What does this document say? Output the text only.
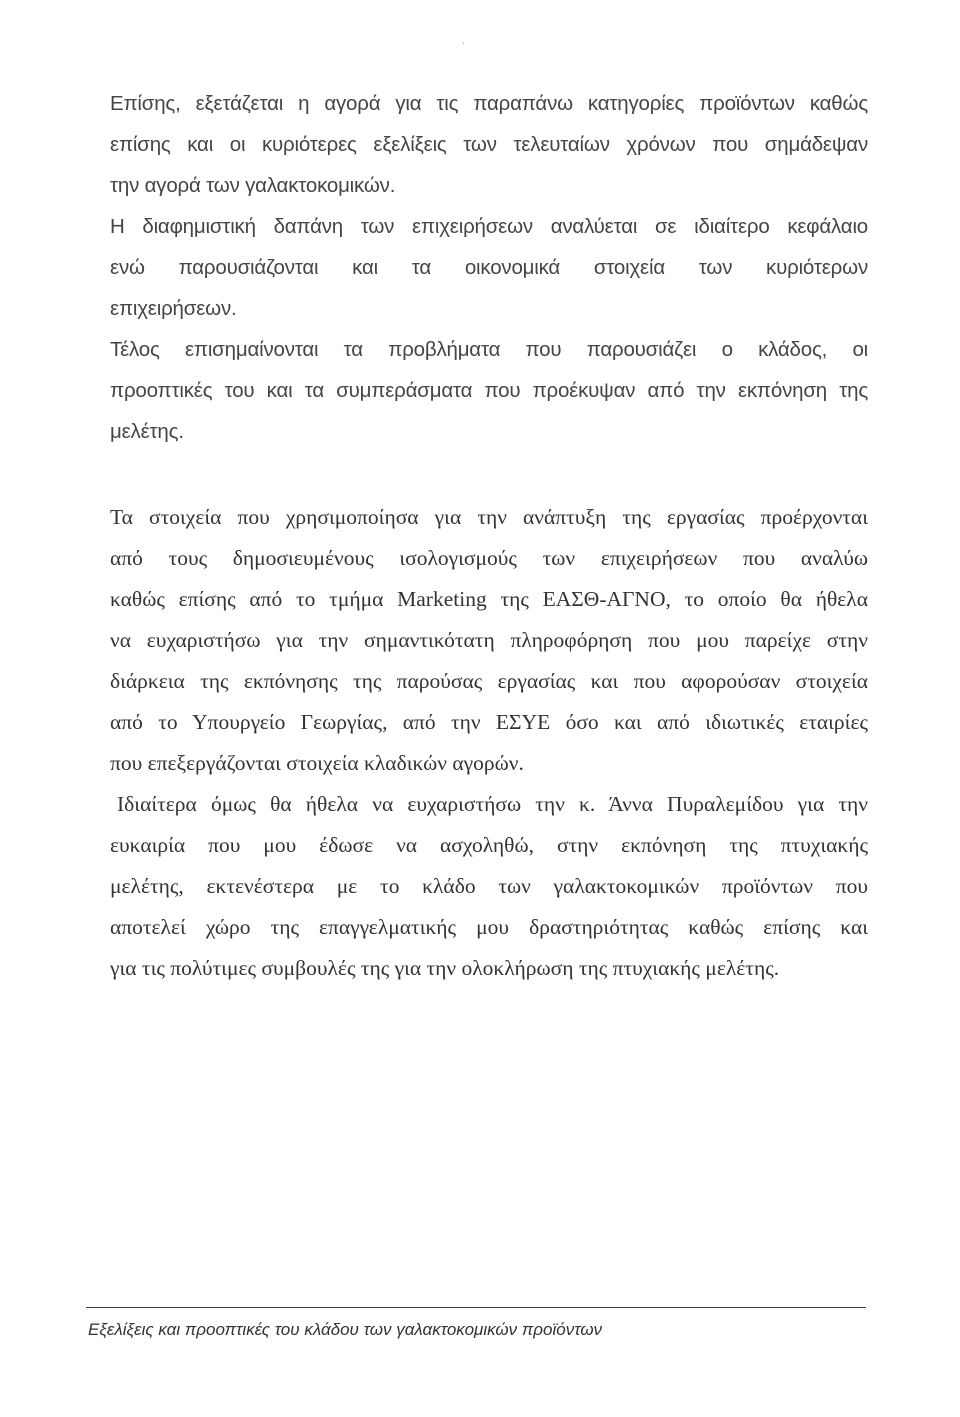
·

Επίσης, εξετάζεται η αγορά για τις παραπάνω κατηγορίες προϊόντων καθώς

επίσης και οι κυριότερες εξελίξεις των τελευταίων χρόνων που σημάδεψαν

την αγορά των γαλακτοκομικών.

Η διαφημιστική δαπάνη των επιχειρήσεων αναλύεται σε ιδιαίτερο κεφάλαιο

ενώ παρουσιάζονται και τα οικονομικά στοιχεία των κυριότερων

επιχειρήσεων.

Τέλος επισημαίνονται τα προβλήματα που παρουσιάζει ο κλάδος, οι

προοπτικές του και τα συμπεράσματα που προέκυψαν από την εκπόνηση της

μελέτης.

Τα στοιχεία που χρησιμοποίησα για την ανάπτυξη της εργασίας προέρχονται

από τους δημοσιευμένους ισολογισμούς των επιχειρήσεων που αναλύω

καθώς επίσης από το τμήμα Marketing της ΕΑΣΘ-ΑΓΝΟ, το οποίο θα ήθελα

να ευχαριστήσω για την σημαντικότατη πληροφόρηση που μου παρείχε στην

διάρκεια της εκπόνησης της παρούσας εργασίας και που αφορούσαν στοιχεία

από το Υπουργείο Γεωργίας, από την ΕΣΥΕ όσο και από ιδιωτικές εταιρίες

που επεξεργάζονται στοιχεία κλαδικών αγορών.

Ιδιαίτερα όμως θα ήθελα να ευχαριστήσω την κ. Άννα Πυραλεμίδου για την

ευκαιρία που μου έδωσε να ασχοληθώ, στην εκπόνηση της πτυχιακής

μελέτης, εκτενέστερα με το κλάδο των γαλακτοκομικών προϊόντων που

αποτελεί χώρο της επαγγελματικής μου δραστηριότητας καθώς επίσης και

για τις πολύτιμες συμβουλές της για την ολοκλήρωση της πτυχιακής μελέτης.

Εξελίξεις και προοπτικές του κλάδου των γαλακτοκομικών προϊόντων
